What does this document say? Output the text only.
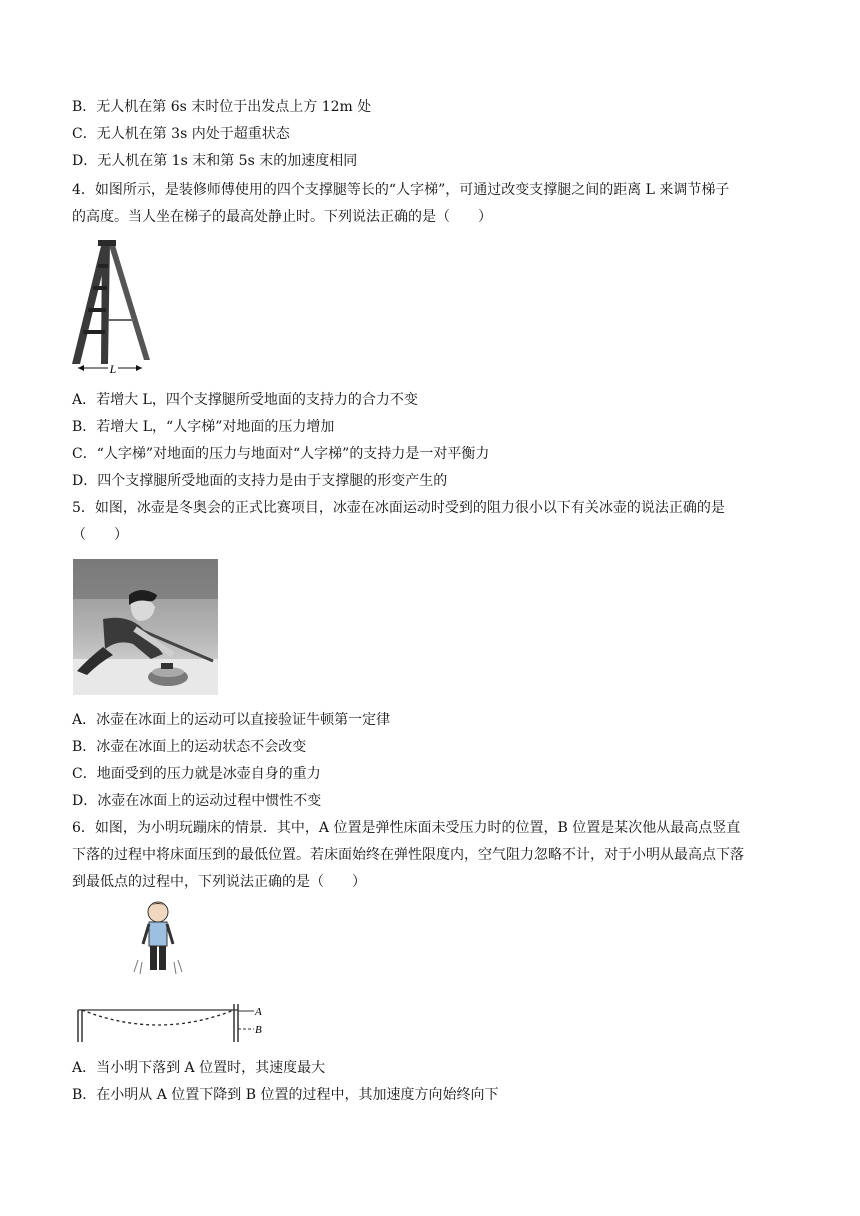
B．无人机在第 6s 末时位于出发点上方 12m 处
C．无人机在第 3s 内处于超重状态
D．无人机在第 1s 末和第 5s 末的加速度相同
4．如图所示，是装修师傅使用的四个支撑腿等长的“人字梯”，可通过改变支撑腿之间的距离 L 来调节梯子
的高度。当人坐在梯子的最高处静止时。下列说法正确的是（　　）
L
A．若增大 L，四个支撑腿所受地面的支持力的合力不变
B．若增大 L，“人字梯”对地面的压力增加
C．“人字梯”对地面的压力与地面对“人字梯”的支持力是一对平衡力
D．四个支撑腿所受地面的支持力是由于支撑腿的形变产生的
5．如图，冰壶是冬奥会的正式比赛项目，冰壶在冰面运动时受到的阻力很小以下有关冰壶的说法正确的是
（　　）
A．冰壶在冰面上的运动可以直接验证牛顿第一定律
B．冰壶在冰面上的运动状态不会改变
C．地面受到的压力就是冰壶自身的重力
D．冰壶在冰面上的运动过程中惯性不变
6．如图，为小明玩蹦床的情景．其中，A 位置是弹性床面未受压力时的位置，B 位置是某次他从最高点竖直
下落的过程中将床面压到的最低位置。若床面始终在弹性限度内，空气阻力忽略不计，对于小明从最高点下落
到最低点的过程中，下列说法正确的是（　　）
A
B
A．当小明下落到 A 位置时，其速度最大
B．在小明从 A 位置下降到 B 位置的过程中，其加速度方向始终向下
